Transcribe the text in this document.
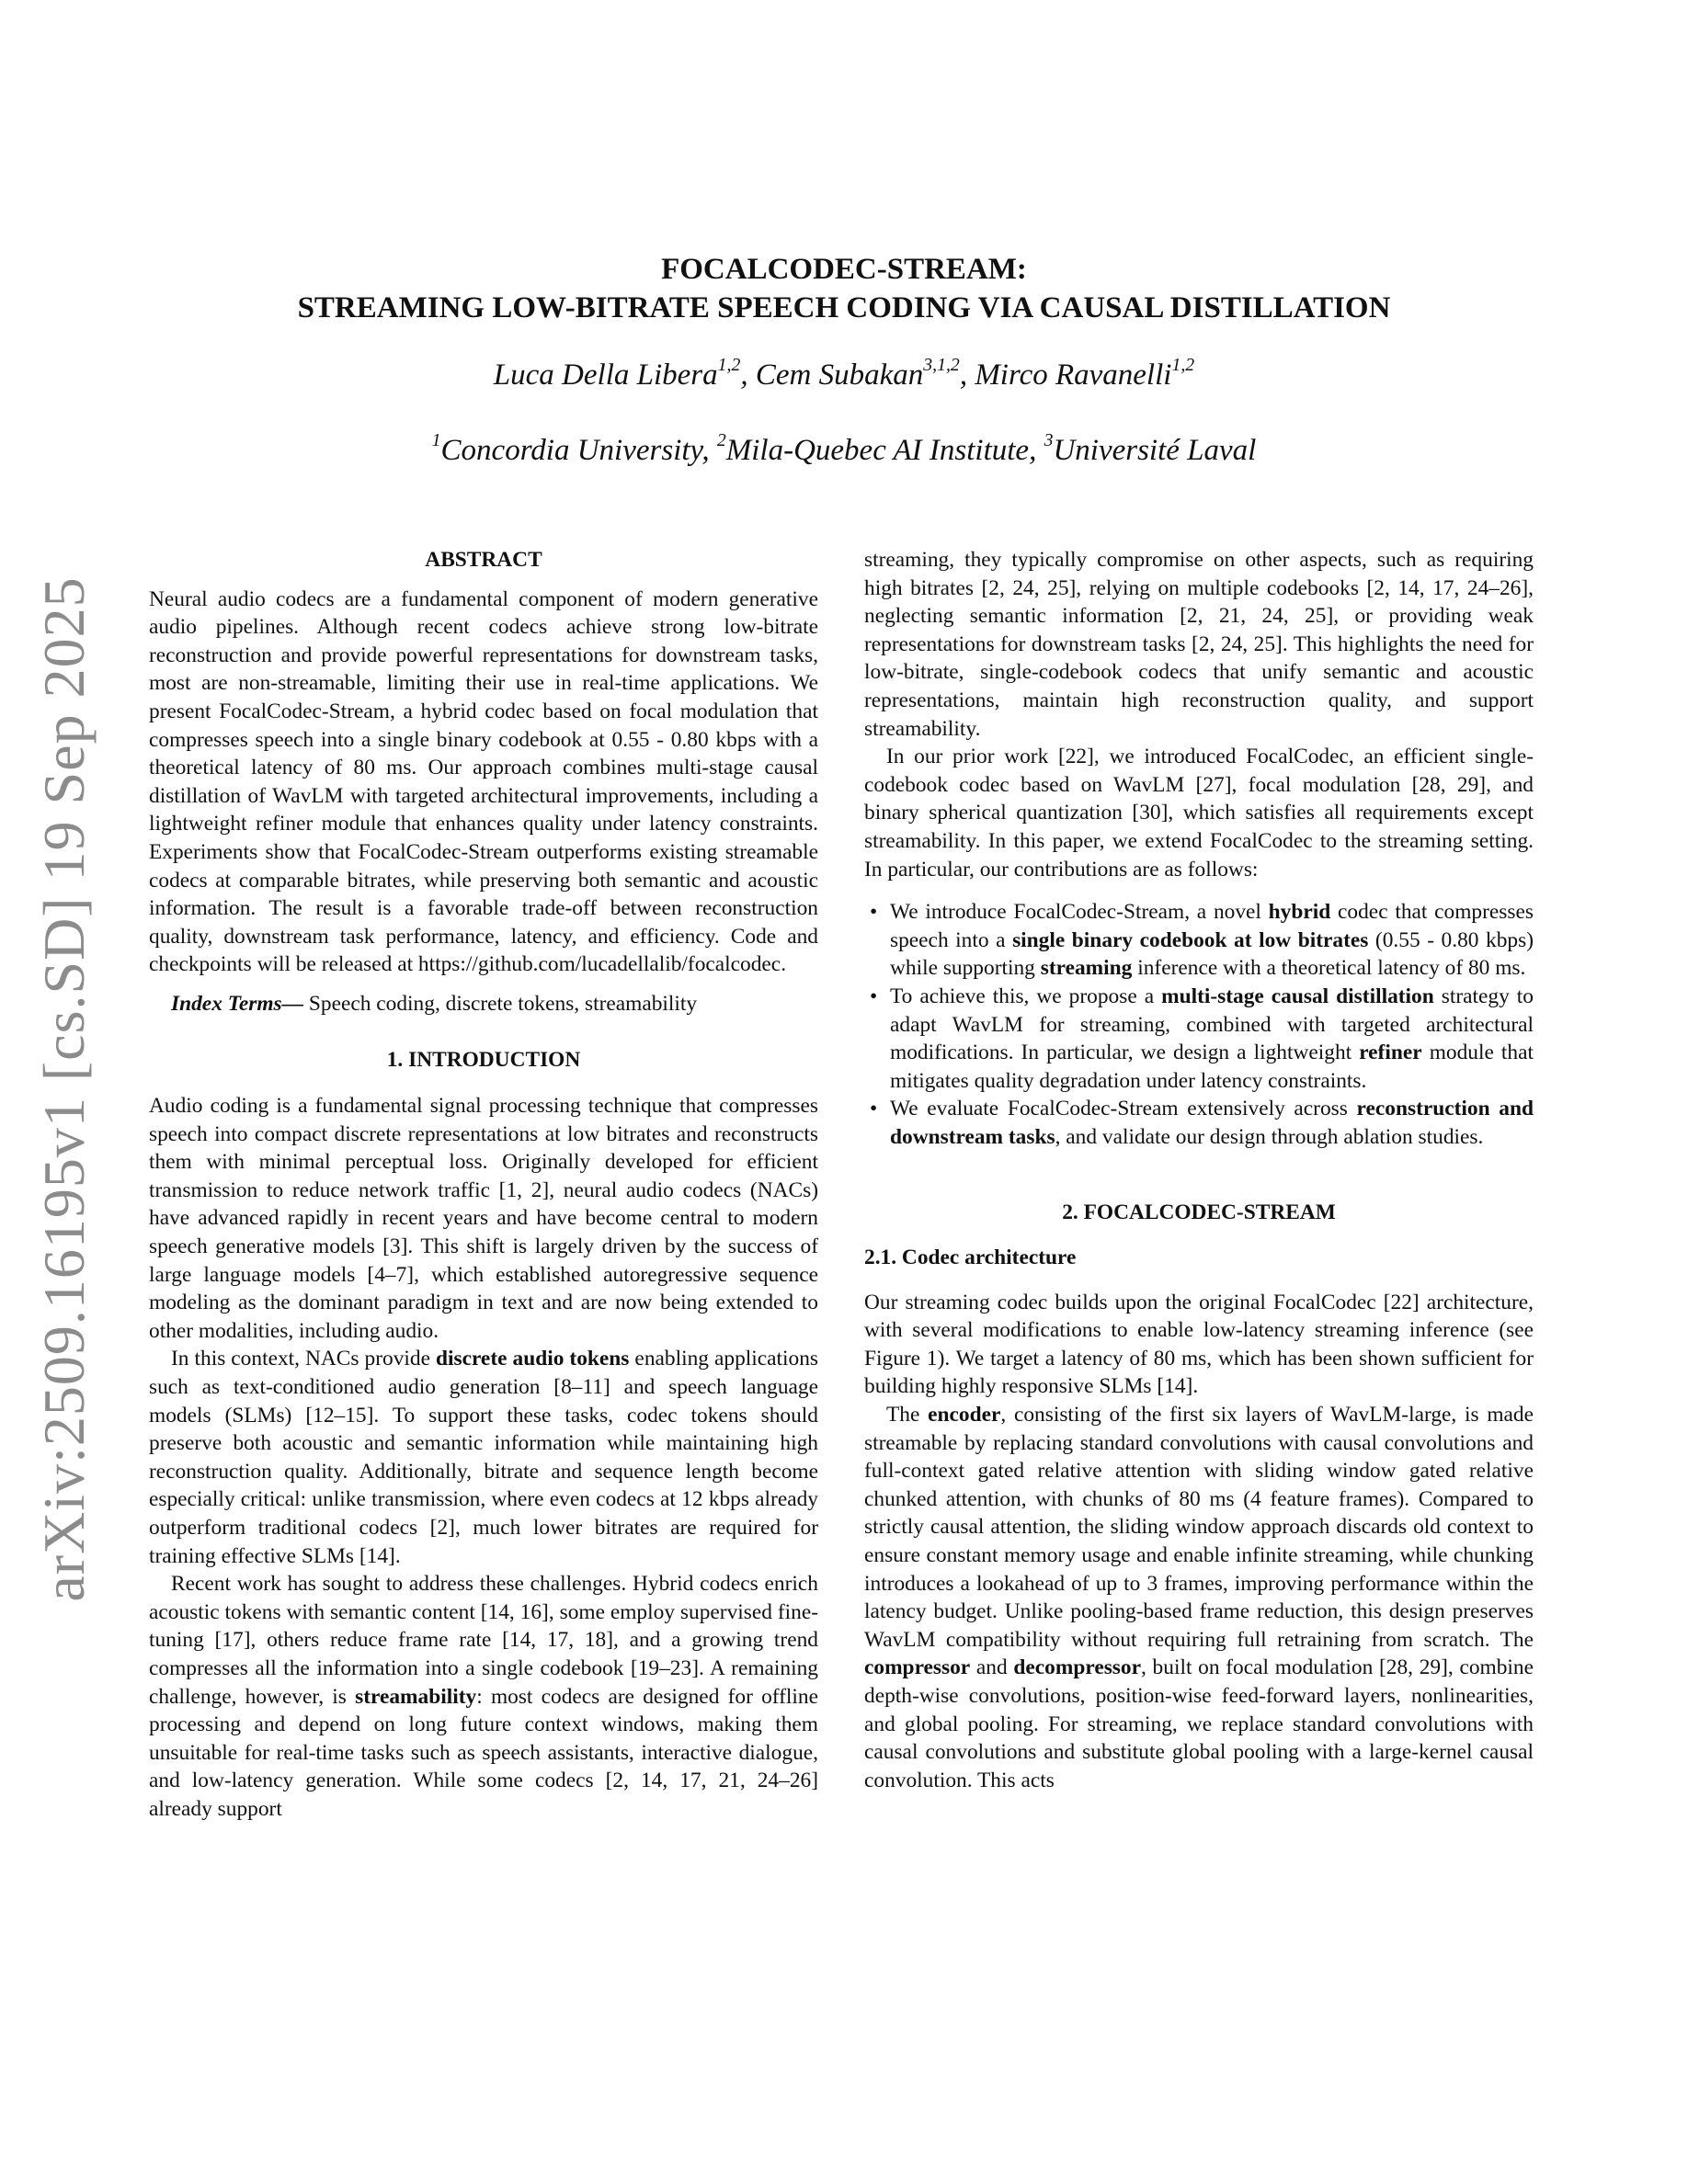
arXiv:2509.16195v1 [cs.SD] 19 Sep 2025
FOCALCODEC-STREAM:
STREAMING LOW-BITRATE SPEECH CODING VIA CAUSAL DISTILLATION
Luca Della Libera$^{1,2}$, Cem Subakan$^{3,1,2}$, Mirco Ravanelli$^{1,2}$
$^1$Concordia University, $^2$Mila-Quebec AI Institute, $^3$Université Laval

ABSTRACT

Neural audio codecs are a fundamental component of modern generative audio pipelines. Although recent codecs achieve strong low-bitrate reconstruction and provide powerful representations for downstream tasks, most are non-streamable, limiting their use in real-time applications. We present FocalCodec-Stream, a hybrid codec based on focal modulation that compresses speech into a single binary codebook at 0.55 - 0.80 kbps with a theoretical latency of 80 ms. Our approach combines multi-stage causal distillation of WavLM with targeted architectural improvements, including a lightweight refiner module that enhances quality under latency constraints. Experiments show that FocalCodec-Stream outperforms existing streamable codecs at comparable bitrates, while preserving both semantic and acoustic information. The result is a favorable trade-off between reconstruction quality, downstream task performance, latency, and efficiency. Code and checkpoints will be released at https://github.com/lucadellalib/focalcodec.

Index Terms— Speech coding, discrete tokens, streamability

1. INTRODUCTION

Audio coding is a fundamental signal processing technique that compresses speech into compact discrete representations at low bitrates and reconstructs them with minimal perceptual loss. Originally developed for efficient transmission to reduce network traffic [1, 2], neural audio codecs (NACs) have advanced rapidly in recent years and have become central to modern speech generative models [3]. This shift is largely driven by the success of large language models [4–7], which established autoregressive sequence modeling as the dominant paradigm in text and are now being extended to other modalities, including audio.

In this context, NACs provide discrete audio tokens enabling applications such as text-conditioned audio generation [8–11] and speech language models (SLMs) [12–15]. To support these tasks, codec tokens should preserve both acoustic and semantic information while maintaining high reconstruction quality. Additionally, bitrate and sequence length become especially critical: unlike transmission, where even codecs at 12 kbps already outperform traditional codecs [2], much lower bitrates are required for training effective SLMs [14].

Recent work has sought to address these challenges. Hybrid codecs enrich acoustic tokens with semantic content [14, 16], some employ supervised fine-tuning [17], others reduce frame rate [14, 17, 18], and a growing trend compresses all the information into a single codebook [19–23]. A remaining challenge, however, is streamability: most codecs are designed for offline processing and depend on long future context windows, making them unsuitable for real-time tasks such as speech assistants, interactive dialogue, and low-latency generation. While some codecs [2, 14, 17, 21, 24–26] already support

streaming, they typically compromise on other aspects, such as requiring high bitrates [2, 24, 25], relying on multiple codebooks [2, 14, 17, 24–26], neglecting semantic information [2, 21, 24, 25], or providing weak representations for downstream tasks [2, 24, 25]. This highlights the need for low-bitrate, single-codebook codecs that unify semantic and acoustic representations, maintain high reconstruction quality, and support streamability.

In our prior work [22], we introduced FocalCodec, an efficient single-codebook codec based on WavLM [27], focal modulation [28, 29], and binary spherical quantization [30], which satisfies all requirements except streamability. In this paper, we extend FocalCodec to the streaming setting. In particular, our contributions are as follows:

• We introduce FocalCodec-Stream, a novel hybrid codec that compresses speech into a single binary codebook at low bitrates (0.55 - 0.80 kbps) while supporting streaming inference with a theoretical latency of 80 ms.
• To achieve this, we propose a multi-stage causal distillation strategy to adapt WavLM for streaming, combined with targeted architectural modifications. In particular, we design a lightweight refiner module that mitigates quality degradation under latency constraints.
• We evaluate FocalCodec-Stream extensively across reconstruction and downstream tasks, and validate our design through ablation studies.

2. FOCALCODEC-STREAM

2.1. Codec architecture

Our streaming codec builds upon the original FocalCodec [22] architecture, with several modifications to enable low-latency streaming inference (see Figure 1). We target a latency of 80 ms, which has been shown sufficient for building highly responsive SLMs [14].

The encoder, consisting of the first six layers of WavLM-large, is made streamable by replacing standard convolutions with causal convolutions and full-context gated relative attention with sliding window gated relative chunked attention, with chunks of 80 ms (4 feature frames). Compared to strictly causal attention, the sliding window approach discards old context to ensure constant memory usage and enable infinite streaming, while chunking introduces a lookahead of up to 3 frames, improving performance within the latency budget. Unlike pooling-based frame reduction, this design preserves WavLM compatibility without requiring full retraining from scratch. The compressor and decompressor, built on focal modulation [28, 29], combine depth-wise convolutions, position-wise feed-forward layers, nonlinearities, and global pooling. For streaming, we replace standard convolutions with causal convolutions and substitute global pooling with a large-kernel causal convolution. This acts
